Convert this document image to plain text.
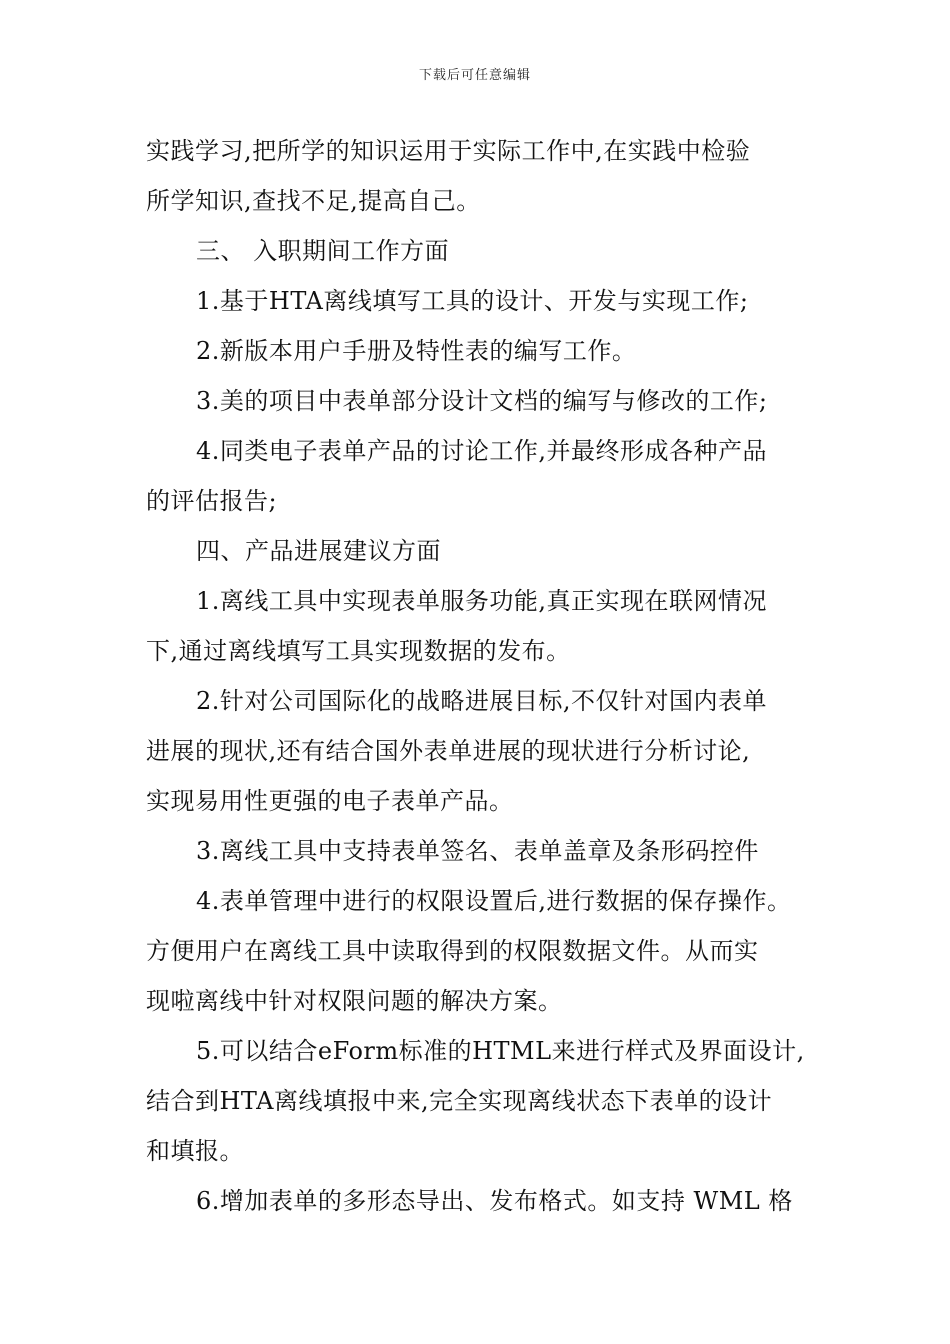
下载后可任意编辑

实践学习,把所学的知识运用于实际工作中,在实践中检验
所学知识,查找不足,提高自己。

三、 入职期间工作方面

1.基于HTA离线填写工具的设计、开发与实现工作;

2.新版本用户手册及特性表的编写工作。

3.美的项目中表单部分设计文档的编写与修改的工作;

4.同类电子表单产品的讨论工作,并最终形成各种产品
的评估报告;

四、产品进展建议方面

1.离线工具中实现表单服务功能,真正实现在联网情况
下,通过离线填写工具实现数据的发布。

2.针对公司国际化的战略进展目标,不仅针对国内表单
进展的现状,还有结合国外表单进展的现状进行分析讨论,
实现易用性更强的电子表单产品。

3.离线工具中支持表单签名、表单盖章及条形码控件

4.表单管理中进行的权限设置后,进行数据的保存操作。
方便用户在离线工具中读取得到的权限数据文件。从而实
现啦离线中针对权限问题的解决方案。

5.可以结合eForm标准的HTML来进行样式及界面设计,
结合到HTA离线填报中来,完全实现离线状态下表单的设计
和填报。

6.增加表单的多形态导出、发布格式。如支持 WML 格
